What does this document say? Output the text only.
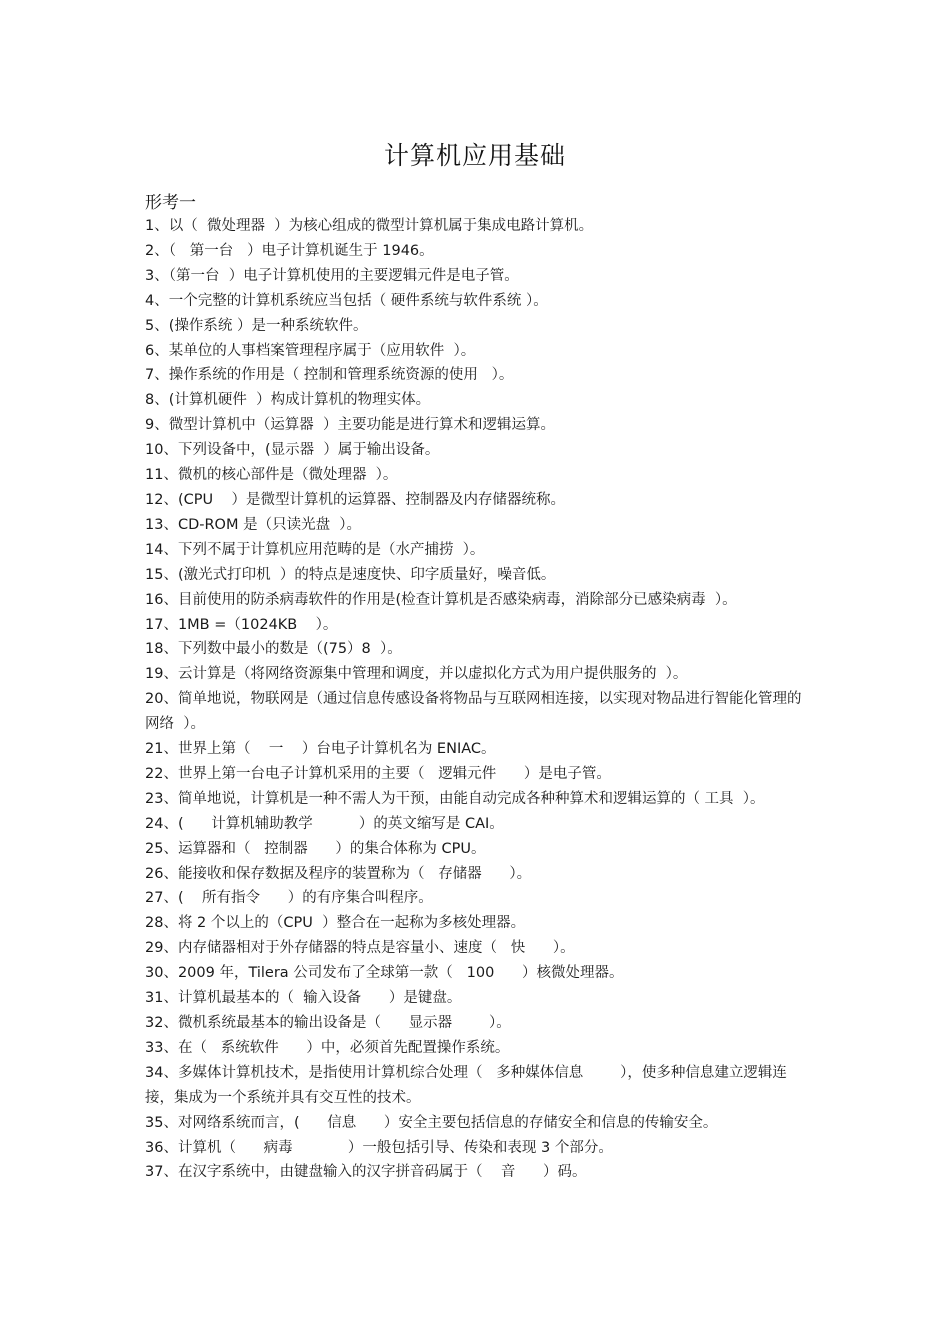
计算机应用基础
形考一
1、以（  微处理器  ）为核心组成的微型计算机属于集成电路计算机。
2、（   第一台   ）电子计算机诞生于 1946。
3、（第一台  ）电子计算机使用的主要逻辑元件是电子管。
4、一个完整的计算机系统应当包括（ 硬件系统与软件系统 ）。
5、(操作系统 ）是一种系统软件。
6、某单位的人事档案管理程序属于（应用软件  ）。
7、操作系统的作用是（ 控制和管理系统资源的使用   ）。
8、(计算机硬件  ）构成计算机的物理实体。
9、微型计算机中（运算器  ）主要功能是进行算术和逻辑运算。
10、下列设备中，(显示器  ）属于输出设备。
11、微机的核心部件是（微处理器  ）。
12、(CPU    ）是微型计算机的运算器、控制器及内存储器统称。
13、CD-ROM 是（只读光盘  ）。
14、下列不属于计算机应用范畴的是（水产捕捞  ）。
15、(激光式打印机  ）的特点是速度快、印字质量好，噪音低。
16、目前使用的防杀病毒软件的作用是(检查计算机是否感染病毒，消除部分已感染病毒  ）。
17、1MB =（1024KB    ）。
18、下列数中最小的数是（(75）8  ）。
19、云计算是（将网络资源集中管理和调度，并以虚拟化方式为用户提供服务的  ）。
20、简单地说，物联网是（通过信息传感设备将物品与互联网相连接，以实现对物品进行智能化管理的网络  ）。
21、世界上第（    一    ）台电子计算机名为 ENIAC。
22、世界上第一台电子计算机采用的主要（   逻辑元件      ）是电子管。
23、简单地说，计算机是一种不需人为干预，由能自动完成各种种算术和逻辑运算的（ 工具  ）。
24、(      计算机辅助教学          ）的英文缩写是 CAI。
25、运算器和（   控制器      ）的集合体称为 CPU。
26、能接收和保存数据及程序的装置称为（   存储器      ）。
27、(    所有指令      ）的有序集合叫程序。
28、将 2 个以上的（CPU  ）整合在一起称为多核处理器。
29、内存储器相对于外存储器的特点是容量小、速度（   快      ）。
30、2009 年，Tilera 公司发布了全球第一款（   100      ）核微处理器。
31、计算机最基本的（  输入设备      ）是键盘。
32、微机系统最基本的输出设备是（      显示器        ）。
33、在（   系统软件      ）中，必须首先配置操作系统。
34、多媒体计算机技术，是指使用计算机综合处理（   多种媒体信息        ），使多种信息建立逻辑连接，集成为一个系统并具有交互性的技术。
35、对网络系统而言，(      信息      ）安全主要包括信息的存储安全和信息的传输安全。
36、计算机（      病毒            ）一般包括引导、传染和表现 3 个部分。
37、在汉字系统中，由键盘输入的汉字拼音码属于（    音      ）码。
